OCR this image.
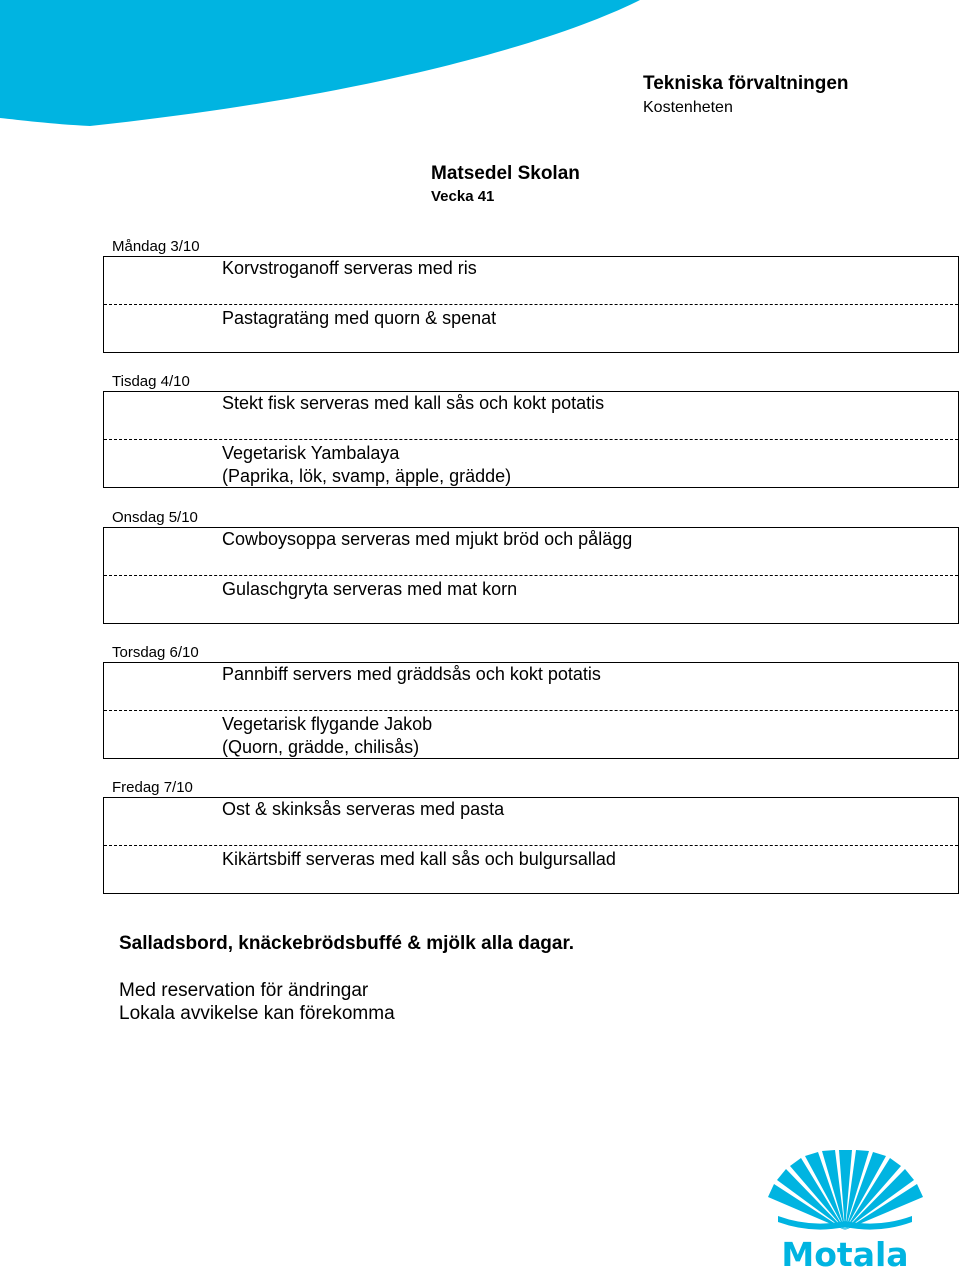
Tekniska förvaltningen
Kostenheten
Matsedel Skolan
Vecka 41
Måndag 3/10
Korvstroganoff serveras med ris
Pastagratäng med quorn & spenat
Tisdag 4/10
Stekt fisk serveras med kall sås och kokt potatis
Vegetarisk Yambalaya
(Paprika, lök, svamp, äpple, grädde)
Onsdag 5/10
Cowboysoppa serveras med mjukt bröd och pålägg
Gulaschgryta serveras med mat korn
Torsdag 6/10
Pannbiff servers med gräddsås och kokt potatis
Vegetarisk flygande Jakob
(Quorn, grädde, chilisås)
Fredag 7/10
Ost & skinksås serveras med pasta
Kikärtsbiff serveras med kall sås och bulgursallad
Salladsbord, knäckebrödsbuffé & mjölk alla dagar.
Med reservation för ändringar
Lokala avvikelse kan förekomma
Motala
